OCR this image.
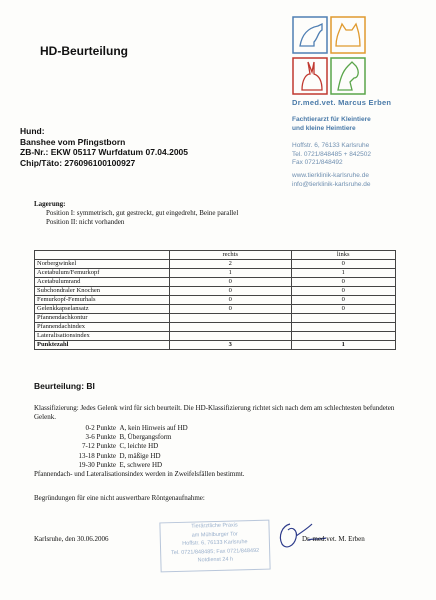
HD-Beurteilung
Dr.med.vet. Marcus Erben
Fachtierarzt für Kleintiere
und kleine Heimtiere
Hoffstr. 6, 76133 Karlsruhe
Tel. 0721/848485 + 842502
Fax 0721/848492
www.tierklinik-karlsruhe.de
info@tierklinik-karlsruhe.de
Hund:
Banshee vom Pfingstborn
ZB-Nr.: EKW 05117 Wurfdatum 07.04.2005
Chip/Täto: 276096100100927
Lagerung:
Position I: symmetrisch, gut gestreckt, gut eingedreht, Beine parallel
Position II: nicht vorhanden
	rechts	links
Norbergwinkel	2	0
Acetabulum/Femurkopf	1	1
Acetabulumrand	0	0
Subchondraler Knochen	0	0
Femurkopf-Femurhals	0	0
Gelenkkapselansatz	0	0
Pfannendachkontur		
Pfannendachindex		
Lateralisationsindex		
Punktezahl	3	1
Beurteilung: BI
Klassifizierung: Jedes Gelenk wird für sich beurteilt. Die HD-Klassifizierung richtet sich nach dem am schlechtesten befundeten Gelenk.
0-2 Punkte A, kein Hinweis auf HD
3-6 Punkte B, Übergangsform
7-12 Punkte C, leichte HD
13-18 Punkte D, mäßige HD
19-30 Punkte E, schwere HD
Pfannendach- und Lateralisationsindex werden in Zweifelsfällen bestimmt.
Begründungen für eine nicht auswertbare Röntgenaufnahme:
Karlsruhe, den 30.06.2006
Tierärztliche Praxis
am Mühlburger Tor
Hoffstr. 6, 76133 Karlsruhe
Tel. 0721/848485; Fax 0721/848492
Notdienst 24 h
Dr. med.vet. M. Erben
